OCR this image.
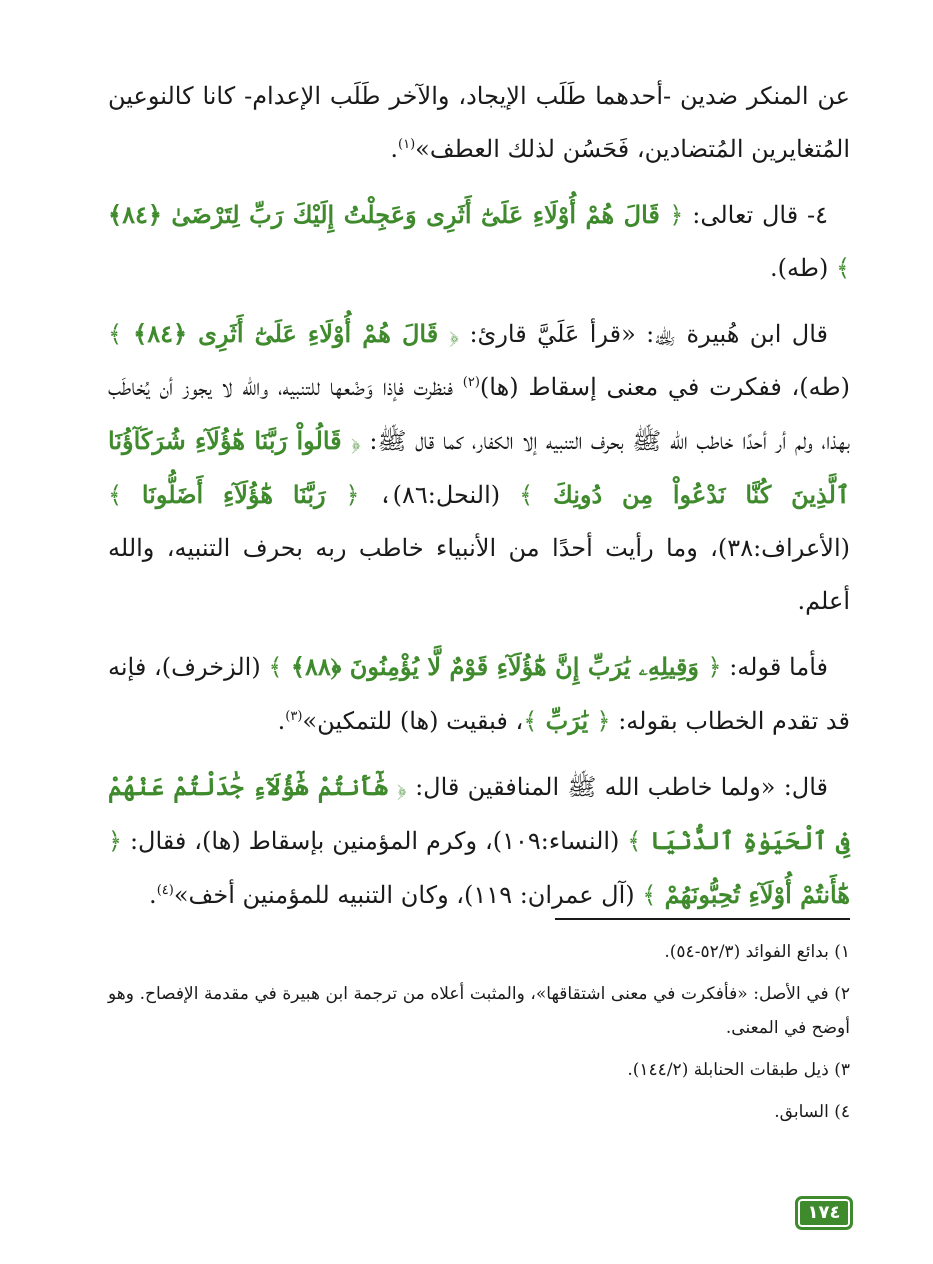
عن المنكر ضدين -أحدهما طَلَب الإيجاد، والآخر طَلَب الإعدام- كانا كالنوعين المُتغايرين المُتضادين، فَحَسُن لذلك العطف»$^{(١)}$.

٤- قال تعالى: ﴿ قَالَ هُمْ أُوْلَاءِ عَلَىٰٓ أَثَرِى وَعَجِلْتُ إِلَيْكَ رَبِّ لِتَرْضَىٰ ﴿٨٤﴾ ﴾ (طه).

قال ابن هُبيرة ﵀: «قرأ عَلَيَّ قارئ: ﴿ قَالَ هُمْ أُوْلَاءِ عَلَىٰٓ أَثَرِى ﴿٨٤﴾ ﴾ (طه)، ففكرت في معنى إسقاط (ها)$^{(٢)}$ فنظرت فإذا وَضْعها للتنبيه، والله لا يجوز أن يُخاطَب بهذا، ولم أر أحدًا خاطب الله ﷺ بحرف التنبيه إلا الكفار، كما قال ﷺ: ﴿ قَالُواْ رَبَّنَا هَٰٓؤُلَآءِ شُرَكَآؤُنَا ٱلَّذِينَ كُنَّا نَدْعُواْ مِن دُونِكَ ﴾ (النحل:٨٦)، ﴿ رَبَّنَا هَٰٓؤُلَآءِ أَضَلُّونَا ﴾ (الأعراف:٣٨)، وما رأيت أحدًا من الأنبياء خاطب ربه بحرف التنبيه، والله أعلم.

فأما قوله: ﴿ وَقِيلِهِۦ يَٰرَبِّ إِنَّ هَٰٓؤُلَآءِ قَوْمٌ لَّا يُؤْمِنُونَ ﴿٨٨﴾ ﴾ (الزخرف)، فإنه قد تقدم الخطاب بقوله: ﴿ يَٰرَبِّ ﴾، فبقيت (ها) للتمكين»$^{(٣)}$.

قال: «ولما خاطب الله ﷺ المنافقين قال: ﴿ هَٰٓأَنتُمْ هَٰٓؤُلَآءِ جَٰدَلْتُمْ عَنْهُمْ فِى ٱلْحَيَوٰةِ ٱلدُّنْيَا ﴾ (النساء:١٠٩)، وكرم المؤمنين بإسقاط (ها)، فقال: ﴿ هَٰٓأَنتُمْ أُوْلَآءِ تُحِبُّونَهُمْ ﴾ (آل عمران: ١١٩)، وكان التنبيه للمؤمنين أخف»$^{(٤)}$.

١) بدائع الفوائد (٥٢/٣-٥٤).
٢) في الأصل: «فأفكرت في معنى اشتقاقها»، والمثبت أعلاه من ترجمة ابن هبيرة في مقدمة الإفصاح. وهو أوضح في المعنى.
٣) ذيل طبقات الحنابلة (١٤٤/٢).
٤) السابق.
١٧٤
